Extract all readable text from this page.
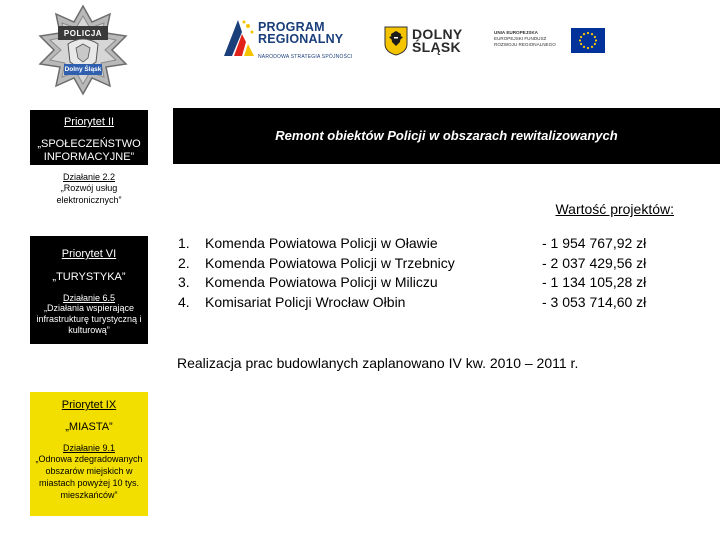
POLICJA
Dolny Śląsk
PROGRAM
REGIONALNY
NARODOWA STRATEGIA SPÓJNOŚCI
DOLNY
ŚLĄSK
UNIA EUROPEJSKA
EUROPEJSKI FUNDUSZ
ROZWOJU REGIONALNEGO
Priorytet II
„SPOŁECZEŃSTWO INFORMACYJNE”
Działanie 2.2
„Rozwój usług elektronicznych”
Priorytet VI
„TURYSTYKA”
Działanie 6.5
„Działania wspierające infrastrukturę turystyczną i kulturową”
Priorytet IX
„MIASTA”
Działanie 9.1
„Odnowa zdegradowanych obszarów miejskich w miastach powyżej 10 tys. mieszkańców”
Remont obiektów Policji w obszarach rewitalizowanych
Wartość projektów:
1.	Komenda Powiatowa Policji w Oławie	- 1 954 767,92 zł
2.	Komenda Powiatowa Policji w Trzebnicy	- 2 037 429,56 zł
3.	Komenda Powiatowa Policji w Miliczu	- 1 134 105,28 zł
4.	Komisariat Policji Wrocław Ołbin	- 3 053 714,60 zł
Realizacja prac budowlanych zaplanowano IV kw. 2010 – 2011 r.
